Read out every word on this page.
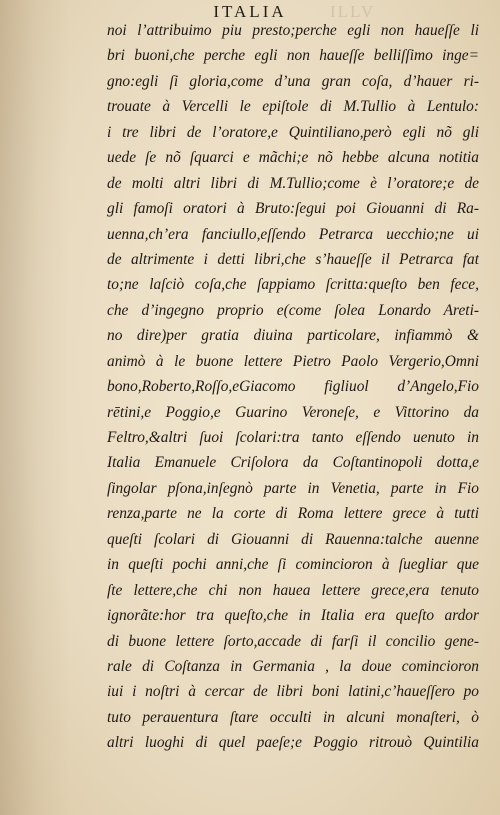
ILLV
ITALIA
noi l’attribuimo piu presto;perche egli non haueſſe li
bri buoni,che perche egli non haueſſe belliſſimo inge=
gno:egli ſi gloria,come d’una gran coſa, d’hauer ri-
trouate à Vercelli le epiſtole di M.Tullio à Lentulo:
i tre libri de l’oratore,e Quintiliano,però egli nõ gli
uede ſe nõ ſquarci e mãchi;e nõ hebbe alcuna notitia
de molti altri libri di M.Tullio;come è l’oratore;e de
gli famoſi oratori à Bruto:ſegui poi Giouanni di Ra-
uenna,ch’era fanciullo,eſſendo Petrarca uecchio;ne ui
de altrimente i detti libri,che s’haueſſe il Petrarca fat
to;ne laſciò coſa,che ſappiamo ſcritta:queſto ben fece,
che d’ingegno proprio e(come ſolea Lonardo Areti-
no dire)per gratia diuina particolare, infiammò &
animò à le buone lettere Pietro Paolo Vergerio,Omni
bono,Roberto,Roſſo,eGiacomo figliuol d’Angelo,Fio
rētini,e Poggio,e Guarino Veroneſe, e Vittorino da
Feltro,&altri ſuoi ſcolari:tra tanto eſſendo uenuto in
Italia Emanuele Criſolora da Coſtantinopoli dotta,e
ſingolar pſona,inſegnò parte in Venetia, parte in Fio
renza,parte ne la corte di Roma lettere grece à tutti
queſti ſcolari di Giouanni di Rauenna:talche auenne
in queſti pochi anni,che ſi comincioron à ſuegliar que
ſte lettere,che chi non hauea lettere grece,era tenuto
ignorãte:hor tra queſto,che in Italia era queſto ardor
di buone lettere ſorto,accade di farſi il concilio gene-
rale di Coſtanza in Germania , la doue comincioron
iui i noſtri à cercar de libri boni latini,c’haueſſero po
tuto perauentura ſtare occulti in alcuni monaſteri, ò
altri luoghi di quel paeſe;e Poggio ritrouò Quintilia
